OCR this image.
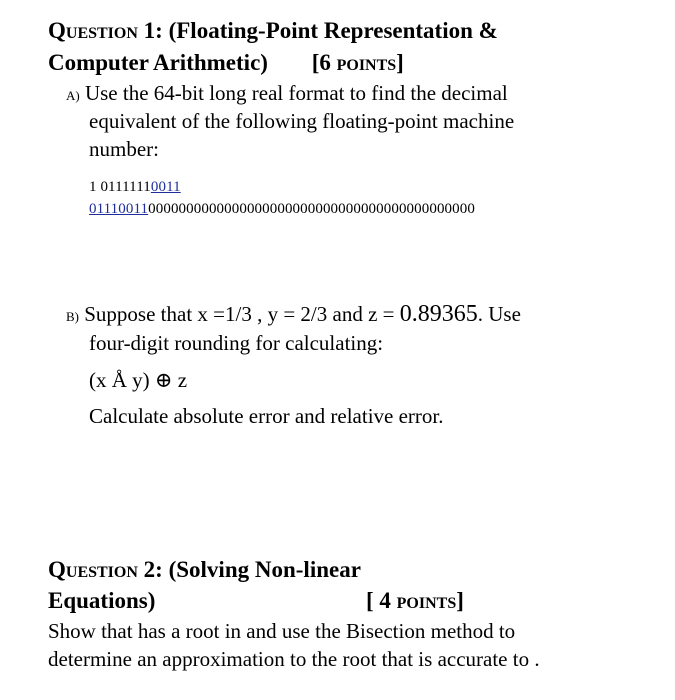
Question 1: (Floating-Point Representation &
Computer Arithmetic) [6 points]
A) Use the 64-bit long real format to find the decimal
equivalent of the following floating-point machine
number:
1 01111110011
011100110000000000000000000000000000000000000000000
B) Suppose that x =1/3 , y = 2/3 and z = 0.89365. Use
four-digit rounding for calculating:
(x Å y) ⊕ z
Calculate absolute error and relative error.
Question 2: (Solving Non-linear
Equations)	[ 4 points]
Show that has a root in and use the Bisection method to
determine an approximation to the root that is accurate to .
